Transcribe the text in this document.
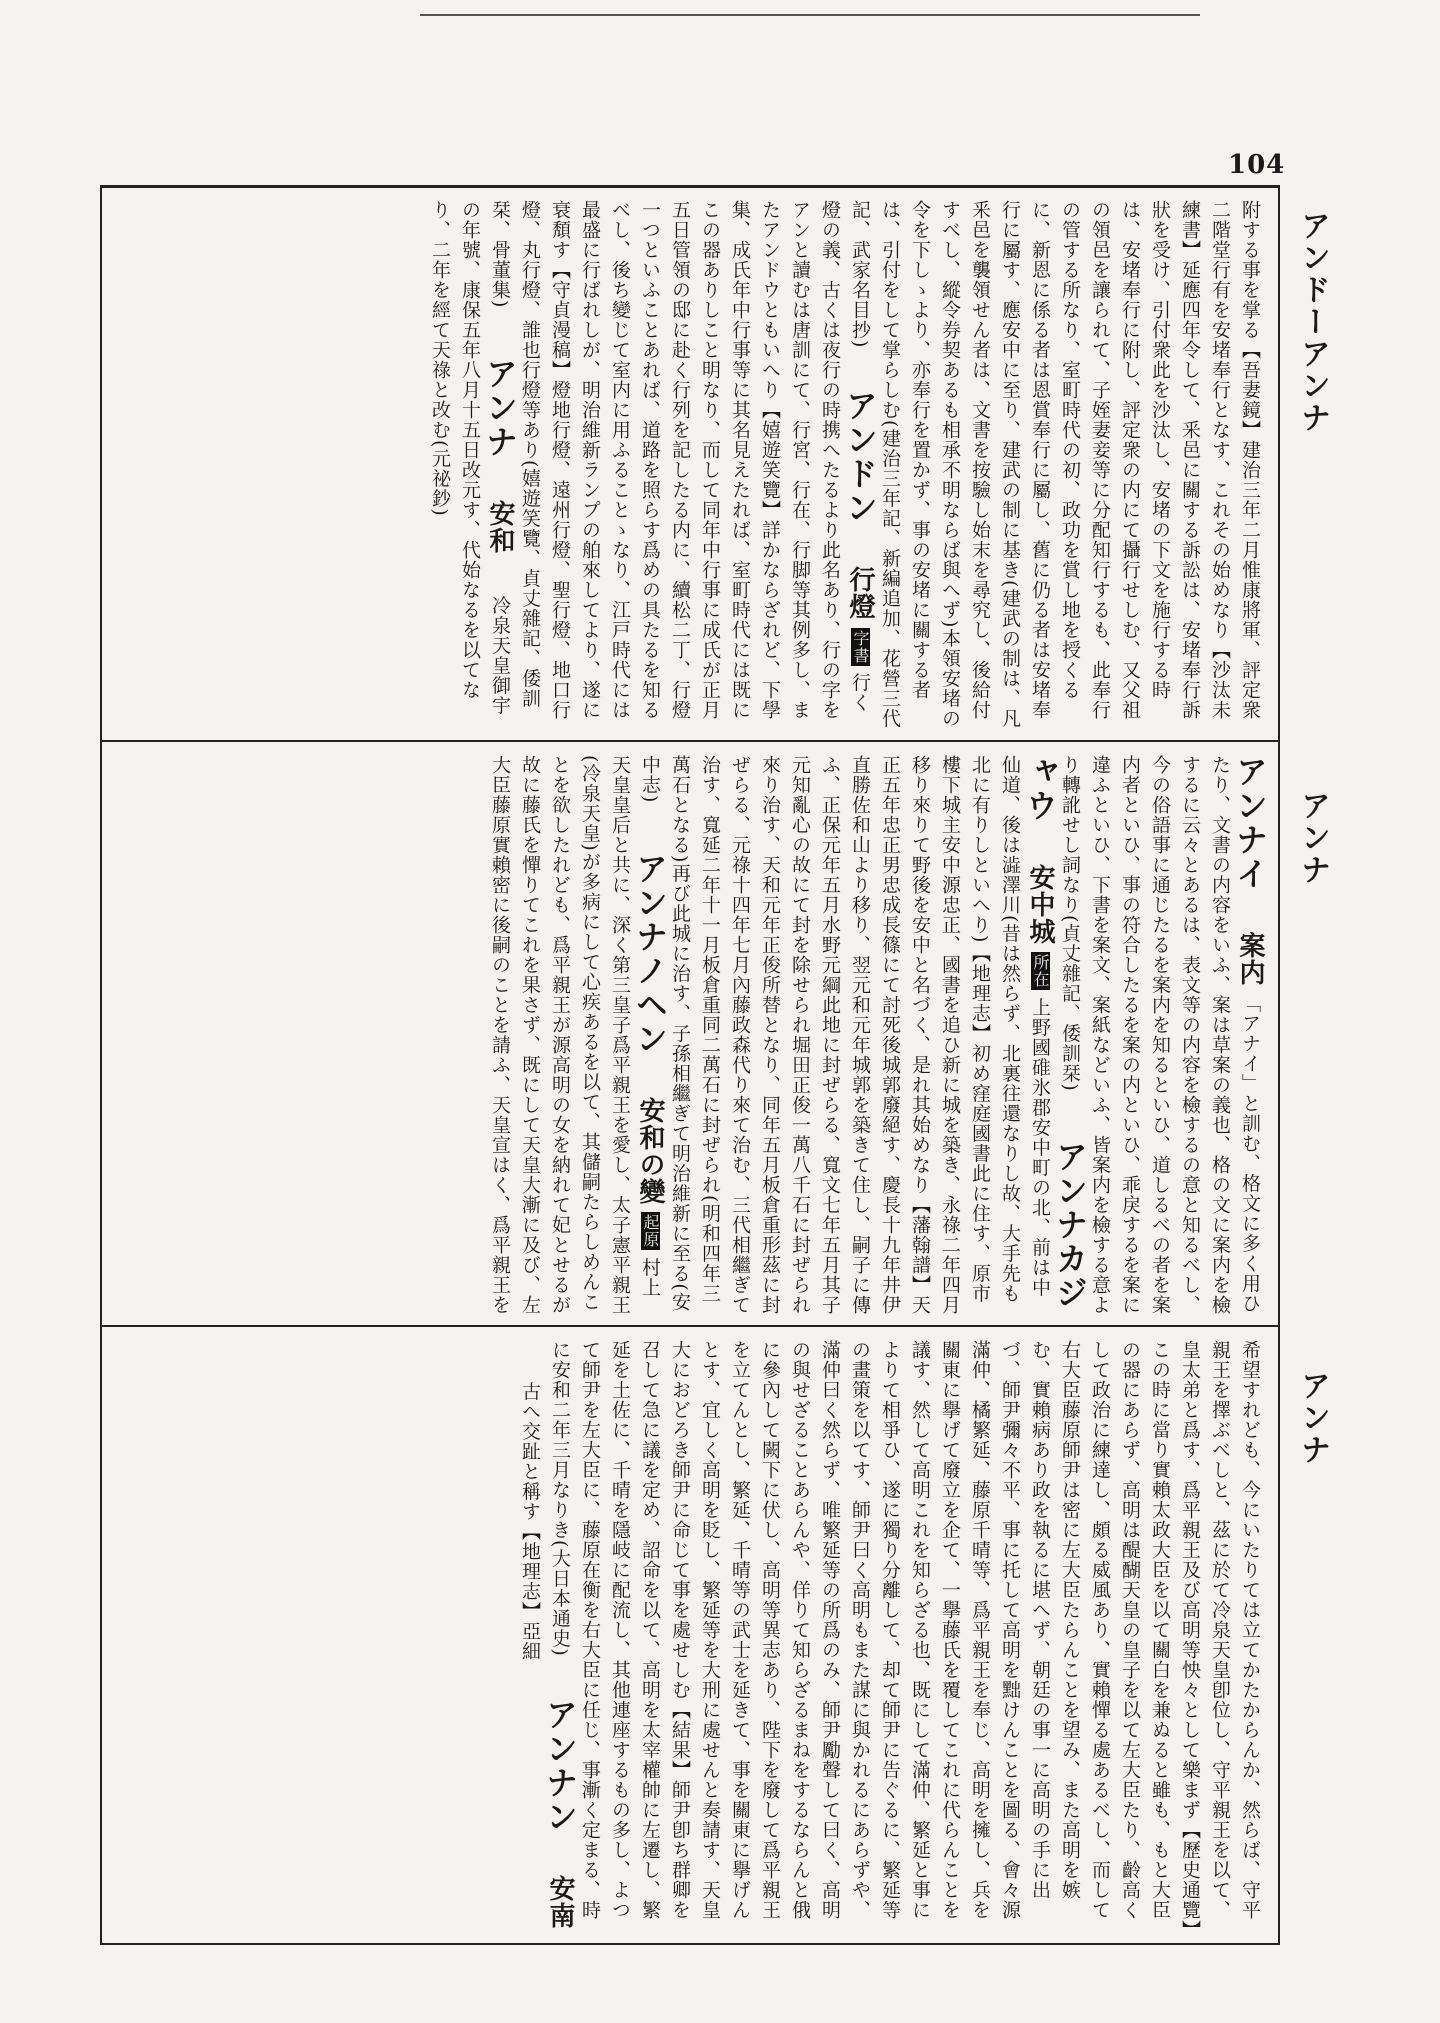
104
アンドーアンナ
アンナ
アンナ
附する事を掌る【吾妻鏡】建治三年二月惟康將軍、評定衆二階堂行有を安堵奉行となす、これその始めなり【沙汰未練書】延應四年令して、釆邑に關する訴訟は、安堵奉行訴狀を受け、引付衆此を沙汰し、安堵の下文を施行する時は、安堵奉行に附し、評定衆の内にて攝行せしむ、又父祖の領邑を讓られて、子姪妻妾等に分配知行するも、此奉行の管する所なり、室町時代の初、政功を賞し地を授くるに、新恩に係る者は恩賞奉行に屬し、舊に仍る者は安堵奉行に屬す、應安中に至り、建武の制に基き(建武の制は、凡釆邑を襲領せん者は、文書を按驗し始末を尋究し、後給付すべし、縱令券契あるも相承不明ならば與へず)本領安堵の令を下しゝより、亦奉行を置かず、事の安堵に關する者は、引付をして掌らしむ(建治三年記、新編追加、花營三代記、武家名目抄) アンドン 行燈 字書 行く燈の義、古くは夜行の時携へたるより此名あり、行の字をアンと讀むは唐訓にて、行宮、行在、行脚等其例多し、またアンドウともいへり【嬉遊笑覽】詳かならざれど、下學集、成氏年中行事等に其名見えたれば、室町時代には既にこの器ありしこと明なり、而して同年中行事に成氏が正月五日管領の邸に赴く行列を記したる内に、續松二丁、行燈一つといふことあれば、道路を照らす爲めの具たるを知るべし、後ち變じて室内に用ふることゝなり、江戸時代には最盛に行ばれしが、明治維新ランプの舶來してより、遂に衰頽す【守貞漫稿】燈地行燈、遠州行燈、聖行燈、地口行燈、丸行燈、誰也行燈等あり(嬉遊笑覽、貞丈雜記、倭訓栞、骨董集)  アンナ 安和 冷泉天皇御宇の年號、康保五年八月十五日改元す、代始なるを以てなり、二年を經て天祿と改む(元祕鈔)
アンナイ 案内 「アナイ」と訓む、格文に多く用ひたり、文書の内容をいふ、案は草案の義也、格の文に案内を檢するに云々とあるは、表文等の内容を檢するの意と知るべし、今の俗語事に通じたるを案内を知るといひ、道しるべの者を案内者といひ、事の符合したるを案の内といひ、乖戾するを案に違ふといひ、下書を案文、案紙などいふ、皆案内を檢する意より轉訛せし詞なり(貞丈雜記、倭訓栞)  アンナカジャウ 安中城 所在 上野國碓氷郡安中町の北、前は中仙道、後は澁澤川(昔は然らず、北裏往還なりし故、大手先も北に有りしといへり)【地理志】初め窪庭國書此に住す、原市樓下城主安中源忠正、國書を追ひ新に城を築き、永祿二年四月移り來りて野後を安中と名づく、是れ其始めなり【藩翰譜】天正五年忠正男忠成長篠にて討死後城郭廢絕す、慶長十九年井伊直勝佐和山より移り、翌元和元年城郭を築きて住し、嗣子に傳ふ、正保元年五月水野元綱此地に封ぜらる、寬文七年五月其子元知亂心の故にて封を除せられ堀田正俊一萬八千石に封ぜられ來り治す、天和元年正俊所替となり、同年五月板倉重形茲に封ぜらる、元祿十四年七月內藤政森代り來て治む、三代相繼ぎて治す、寬延二年十一月板倉重同二萬石に封ぜられ(明和四年三萬石となる)再び此城に治す、子孫相繼ぎて明治維新に至る(安中志)  アンナノヘン 安和の變 起原 村上天皇皇后と共に、深く第三皇子爲平親王を愛し、太子憲平親王(冷泉天皇)が多病にして心疾あるを以て、其儲嗣たらしめんことを欲したれども、爲平親王が源高明の女を納れて妃とせるが故に藤氏を憚りてこれを果さず、既にして天皇大漸に及び、左大臣藤原實賴密に後嗣のことを請ふ、天皇宣はく、爲平親王を
希望すれども、今にいたりては立てかたからんか、然らば、守平親王を擇ぶべしと、茲に於て冷泉天皇卽位し、守平親王を以て、皇太弟と爲す、爲平親王及び高明等怏々として樂まず【歷史通覽】この時に當り實賴太政大臣を以て關白を兼ぬると雖も、もと大臣の器にあらず、高明は醍醐天皇の皇子を以て左大臣たり、齡高くして政治に練達し、頗る威風あり、實賴憚る處あるべし、而して右大臣藤原師尹は密に左大臣たらんことを望み、また高明を嫉む、實賴病あり政を執るに堪へず、朝廷の事一に高明の手に出づ、師尹彌々不平、事に托して高明を黜けんことを圖る、會々源滿仲、橘繁延、藤原千晴等、爲平親王を奉じ、高明を擁し、兵を關東に擧げて廢立を企て、一擧藤氏を覆してこれに代らんことを議す、然して高明これを知らざる也、既にして滿仲、繁延と事によりて相爭ひ、遂に獨り分離して、却て師尹に告ぐるに、繁延等の畫策を以てす、師尹曰く高明もまた謀に與かれるにあらずや、滿仲曰く然らず、唯繁延等の所爲のみ、師尹勵聲して曰く、高明の與せざることあらんや、佯りて知らざるまねをするならんと俄に參內して闕下に伏し、高明等異志あり、陛下を廢して爲平親王を立てんとし、繁延、千晴等の武士を延きて、事を關東に擧げんとす、宜しく高明を貶し、繁延等を大刑に處せんと奏請す、天皇大におどろき師尹に命じて事を處せしむ【結果】師尹卽ち群卿を召して急に議を定め、詔命を以て、高明を太宰權帥に左遷し、繁延を土佐に、千晴を隱岐に配流し、其他連座するもの多し、よつて師尹を左大臣に、藤原在衡を右大臣に任じ、事漸く定まる、時に安和二年三月なりき(大日本通史) アンナン 安南 古へ交趾と稱す【地理志】亞細
